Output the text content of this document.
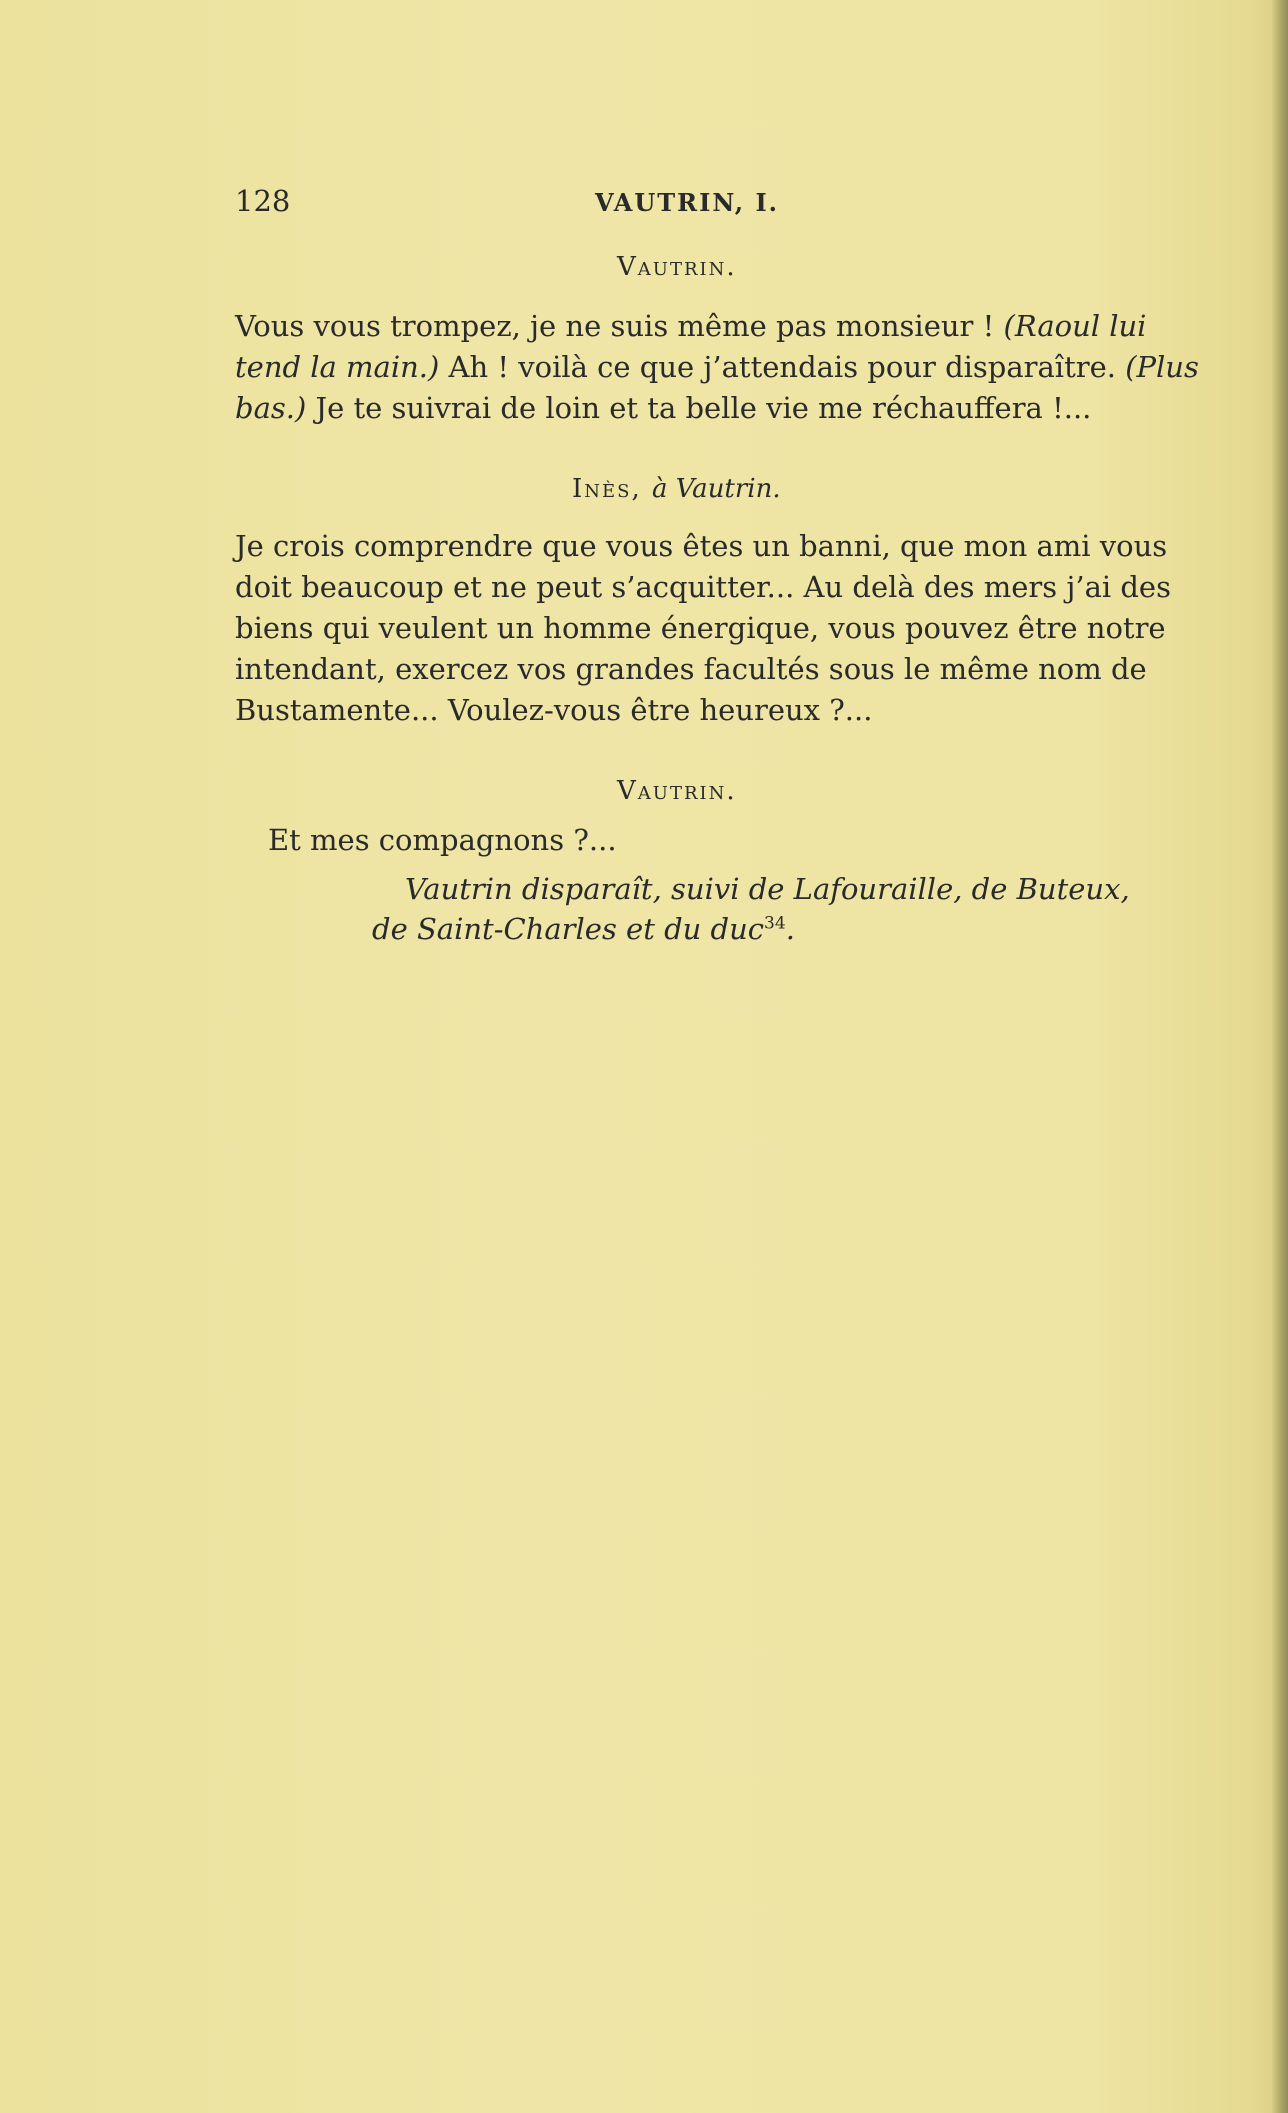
128	VAUTRIN, I.
Vautrin.
Vous vous trompez, je ne suis même pas monsieur ! (Raoul lui
tend la main.) Ah ! voilà ce que j’attendais pour disparaître. (Plus
bas.) Je te suivrai de loin et ta belle vie me réchauffera !...
Inès, à Vautrin.
Je crois comprendre que vous êtes un banni, que mon ami vous
doit beaucoup et ne peut s’acquitter... Au delà des mers j’ai des
biens qui veulent un homme énergique, vous pouvez être notre
intendant, exercez vos grandes facultés sous le même nom de
Bustamente... Voulez-vous être heureux ?...
Vautrin.
Et mes compagnons ?...
Vautrin disparaît, suivi de Lafouraille, de Buteux,
de Saint-Charles et du duc$^{34}$.
